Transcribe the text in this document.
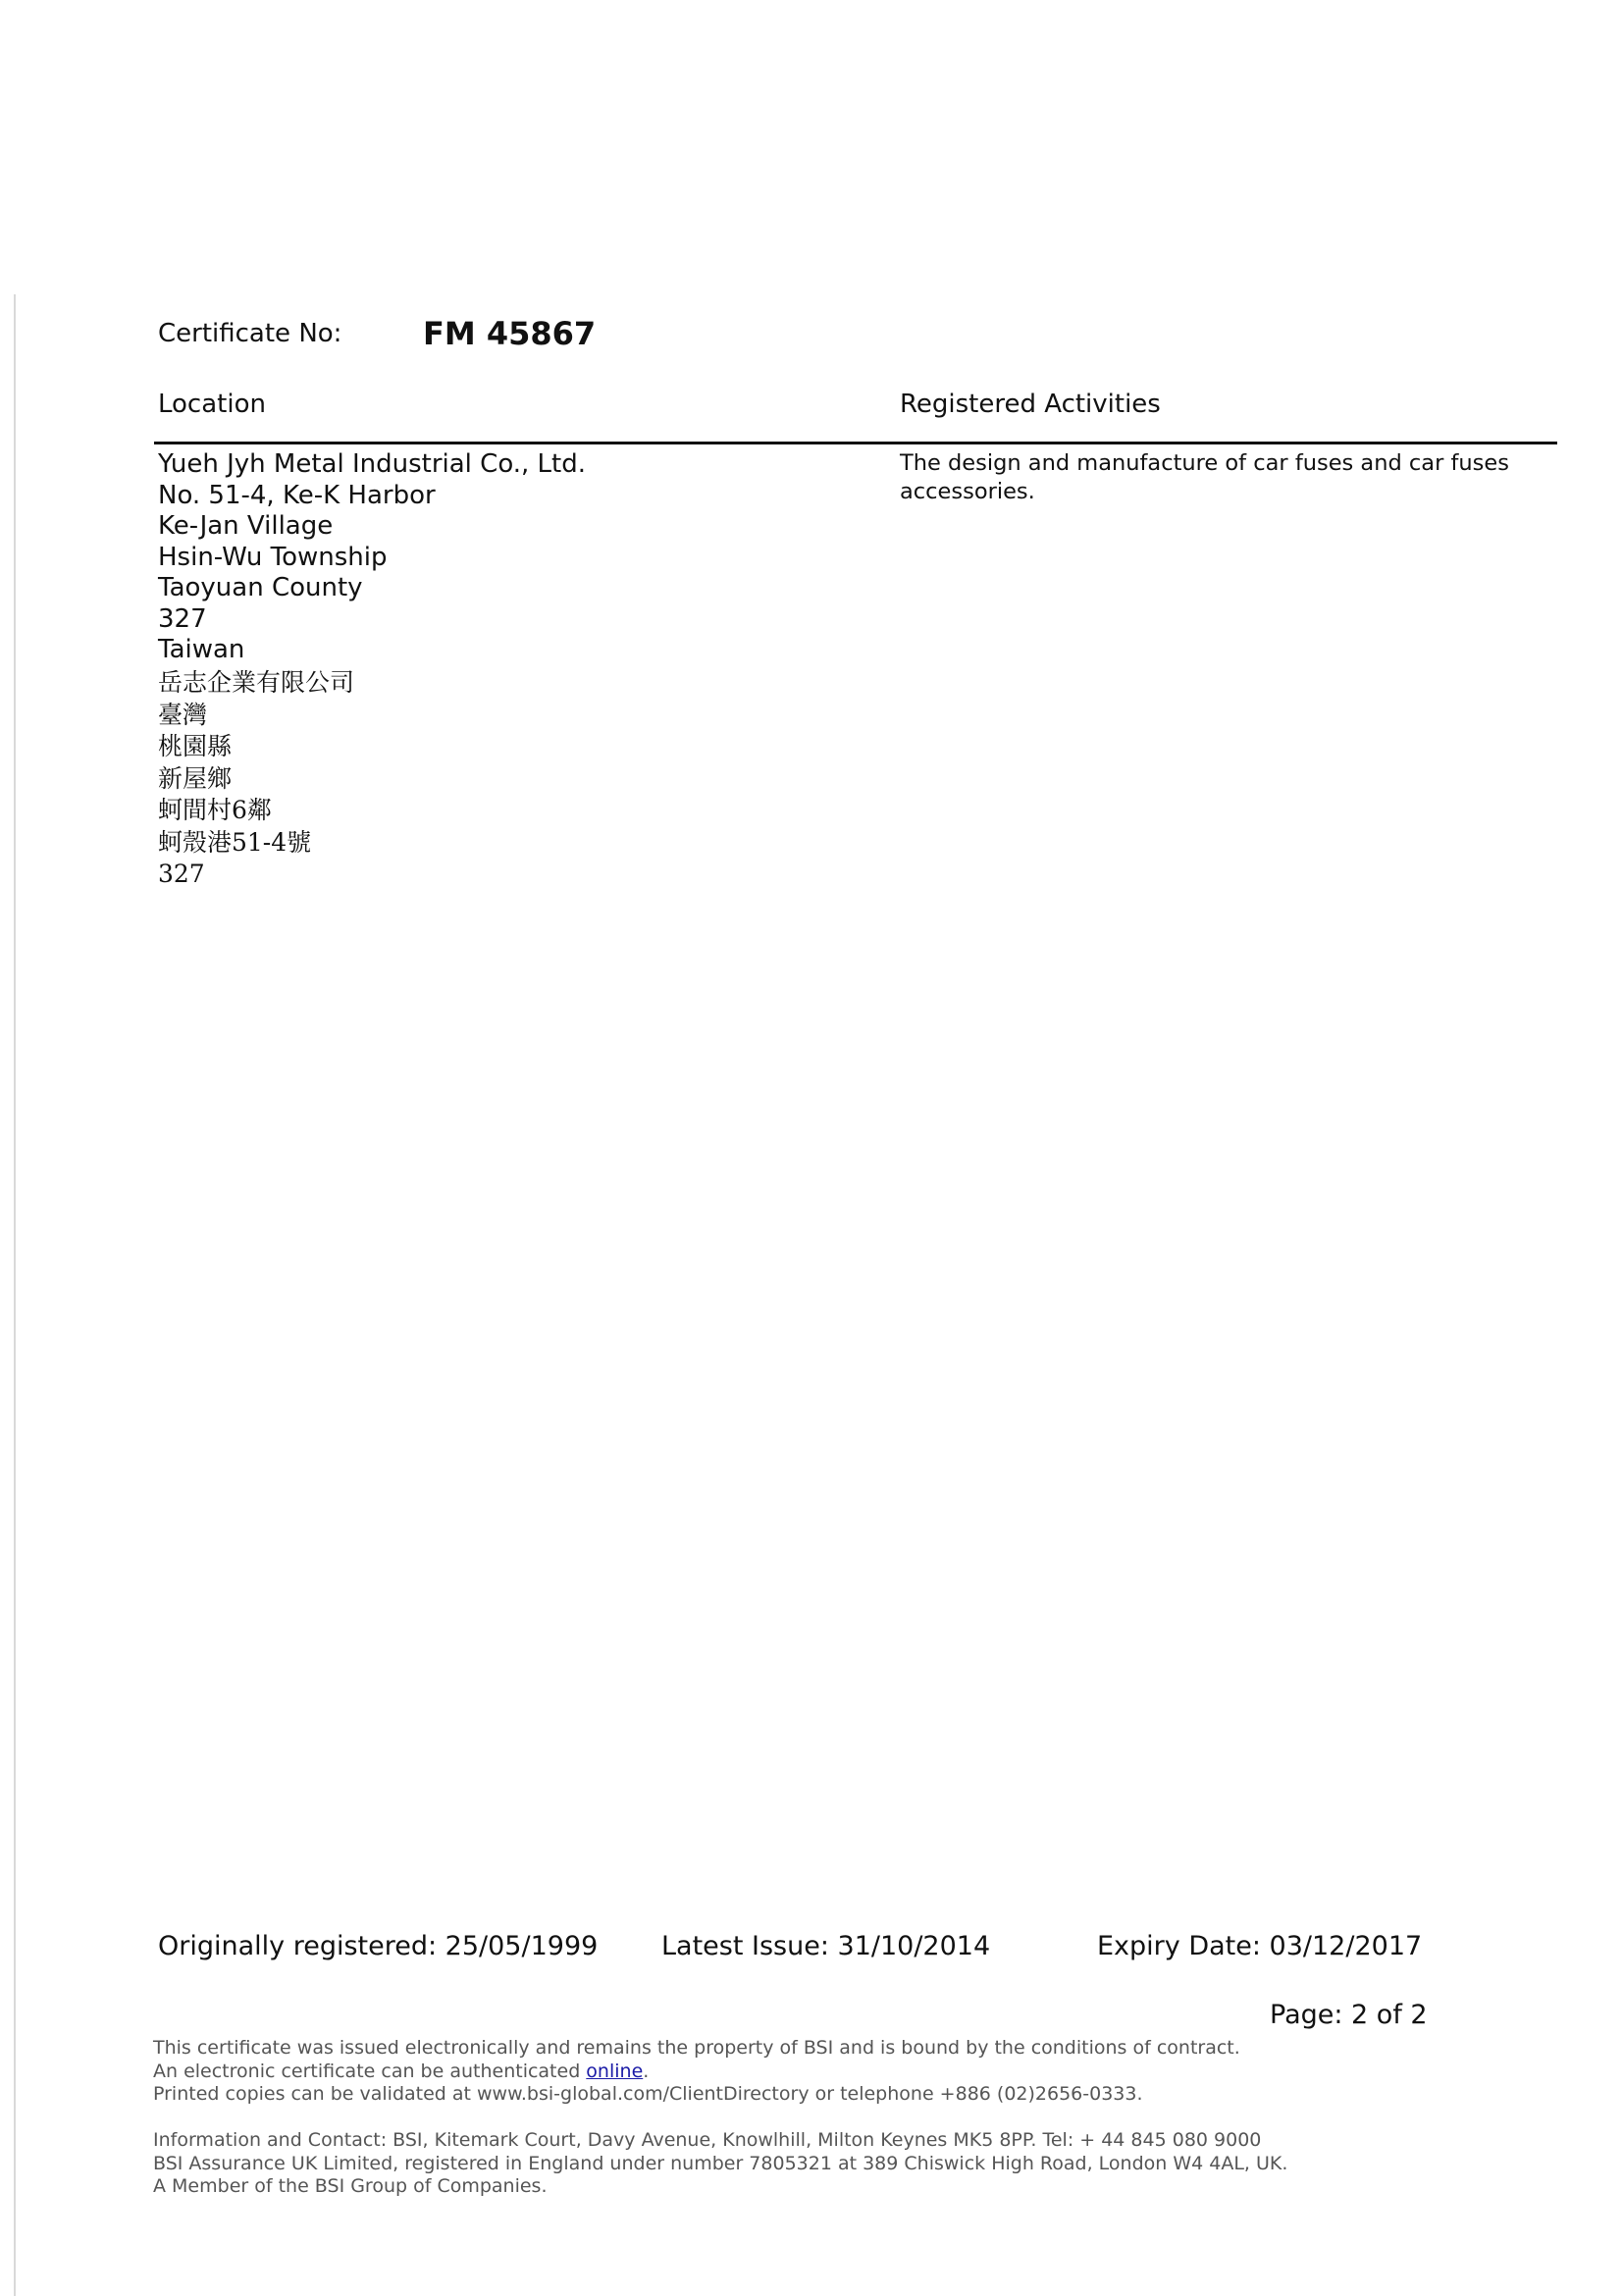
Certificate No:	FM 45867
Location	Registered Activities
Yueh Jyh Metal Industrial Co., Ltd.
No. 51-4, Ke-K Harbor
Ke-Jan Village
Hsin-Wu Township
Taoyuan County
327
Taiwan
岳志企業有限公司
臺灣
桃園縣
新屋鄉
蚵間村6鄰
蚵殼港51-4號
327
The design and manufacture of car fuses and car fuses accessories.
Originally registered: 25/05/1999 Latest Issue: 31/10/2014	Expiry Date: 03/12/2017
Page: 2 of 2
This certificate was issued electronically and remains the property of BSI and is bound by the conditions of contract.
An electronic certificate can be authenticated online.
Printed copies can be validated at www.bsi-global.com/ClientDirectory or telephone +886 (02)2656-0333.
Information and Contact: BSI, Kitemark Court, Davy Avenue, Knowlhill, Milton Keynes MK5 8PP. Tel: + 44 845 080 9000
BSI Assurance UK Limited, registered in England under number 7805321 at 389 Chiswick High Road, London W4 4AL, UK.
A Member of the BSI Group of Companies.
